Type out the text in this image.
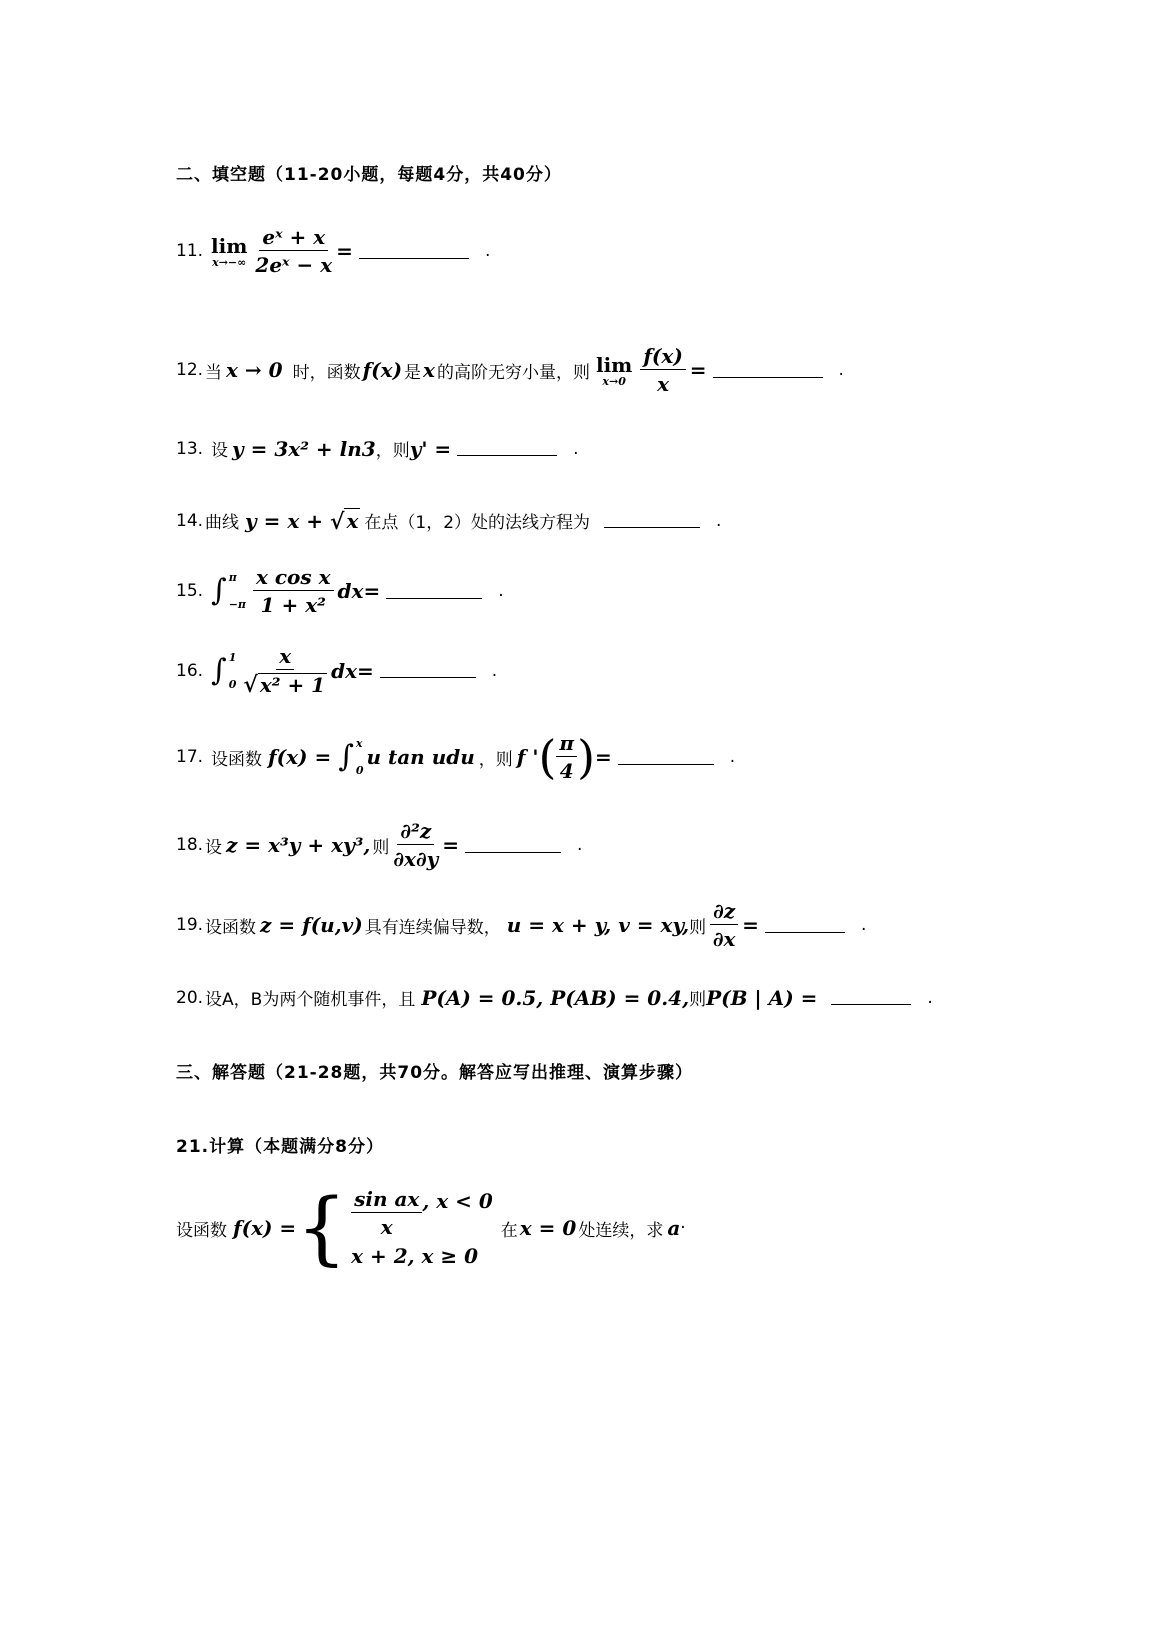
二、填空题（11-20小题，每题4分，共40分）
11. lim
$x\to-\infty \frac{\text{eˣ + x}}{\text{2eˣ − x}}$ =	.
12. 当 x → 0 时，函数 f(x) 是 x 的高阶无穷小量，则 lim
$x\to 0 \frac{f(x)}{x}$ =	.
13. 设 y = 3x² + ln3 ，则 y' =	.
14. 曲线 y = x + √ x 在点（1，2）处的法线方程为	.
15. ∫ π
$-\pi \frac{\text{x cos x}}{\text{1 + x²}}$ dx =	.
16. ∫ 1
$0 \frac{x}{\text{√ x² + 1}}$ dx =	.
17. 设函数 f(x) = ∫ x
0
u tan udu ，则 f ' ( $\frac{\pi}{4}$ ) =	.
18. 设 z = x³y + xy³, 则 $\frac{\text{∂²z}}{\partial x\partial y}$ =	.
19. 设函数 z = f(u,v) 具有连续偏导数， u = x + y, v = xy, 则 $\frac{\partial z}{\partial x}$ =	.
20. 设A，B为两个随机事件，且 P(A) = 0.5, P(AB) = 0.4, 则 P(B | A) =	.
三、解答题（21-28题，共70分。解答应写出推理、演算步骤）
21.计算（本题满分8分）
设函数 f(x) = { $\frac{\text{sin ax}}{x}$ , x < 0
x + 2, x ≥ 0
在 x = 0 处连续，求 a ·
